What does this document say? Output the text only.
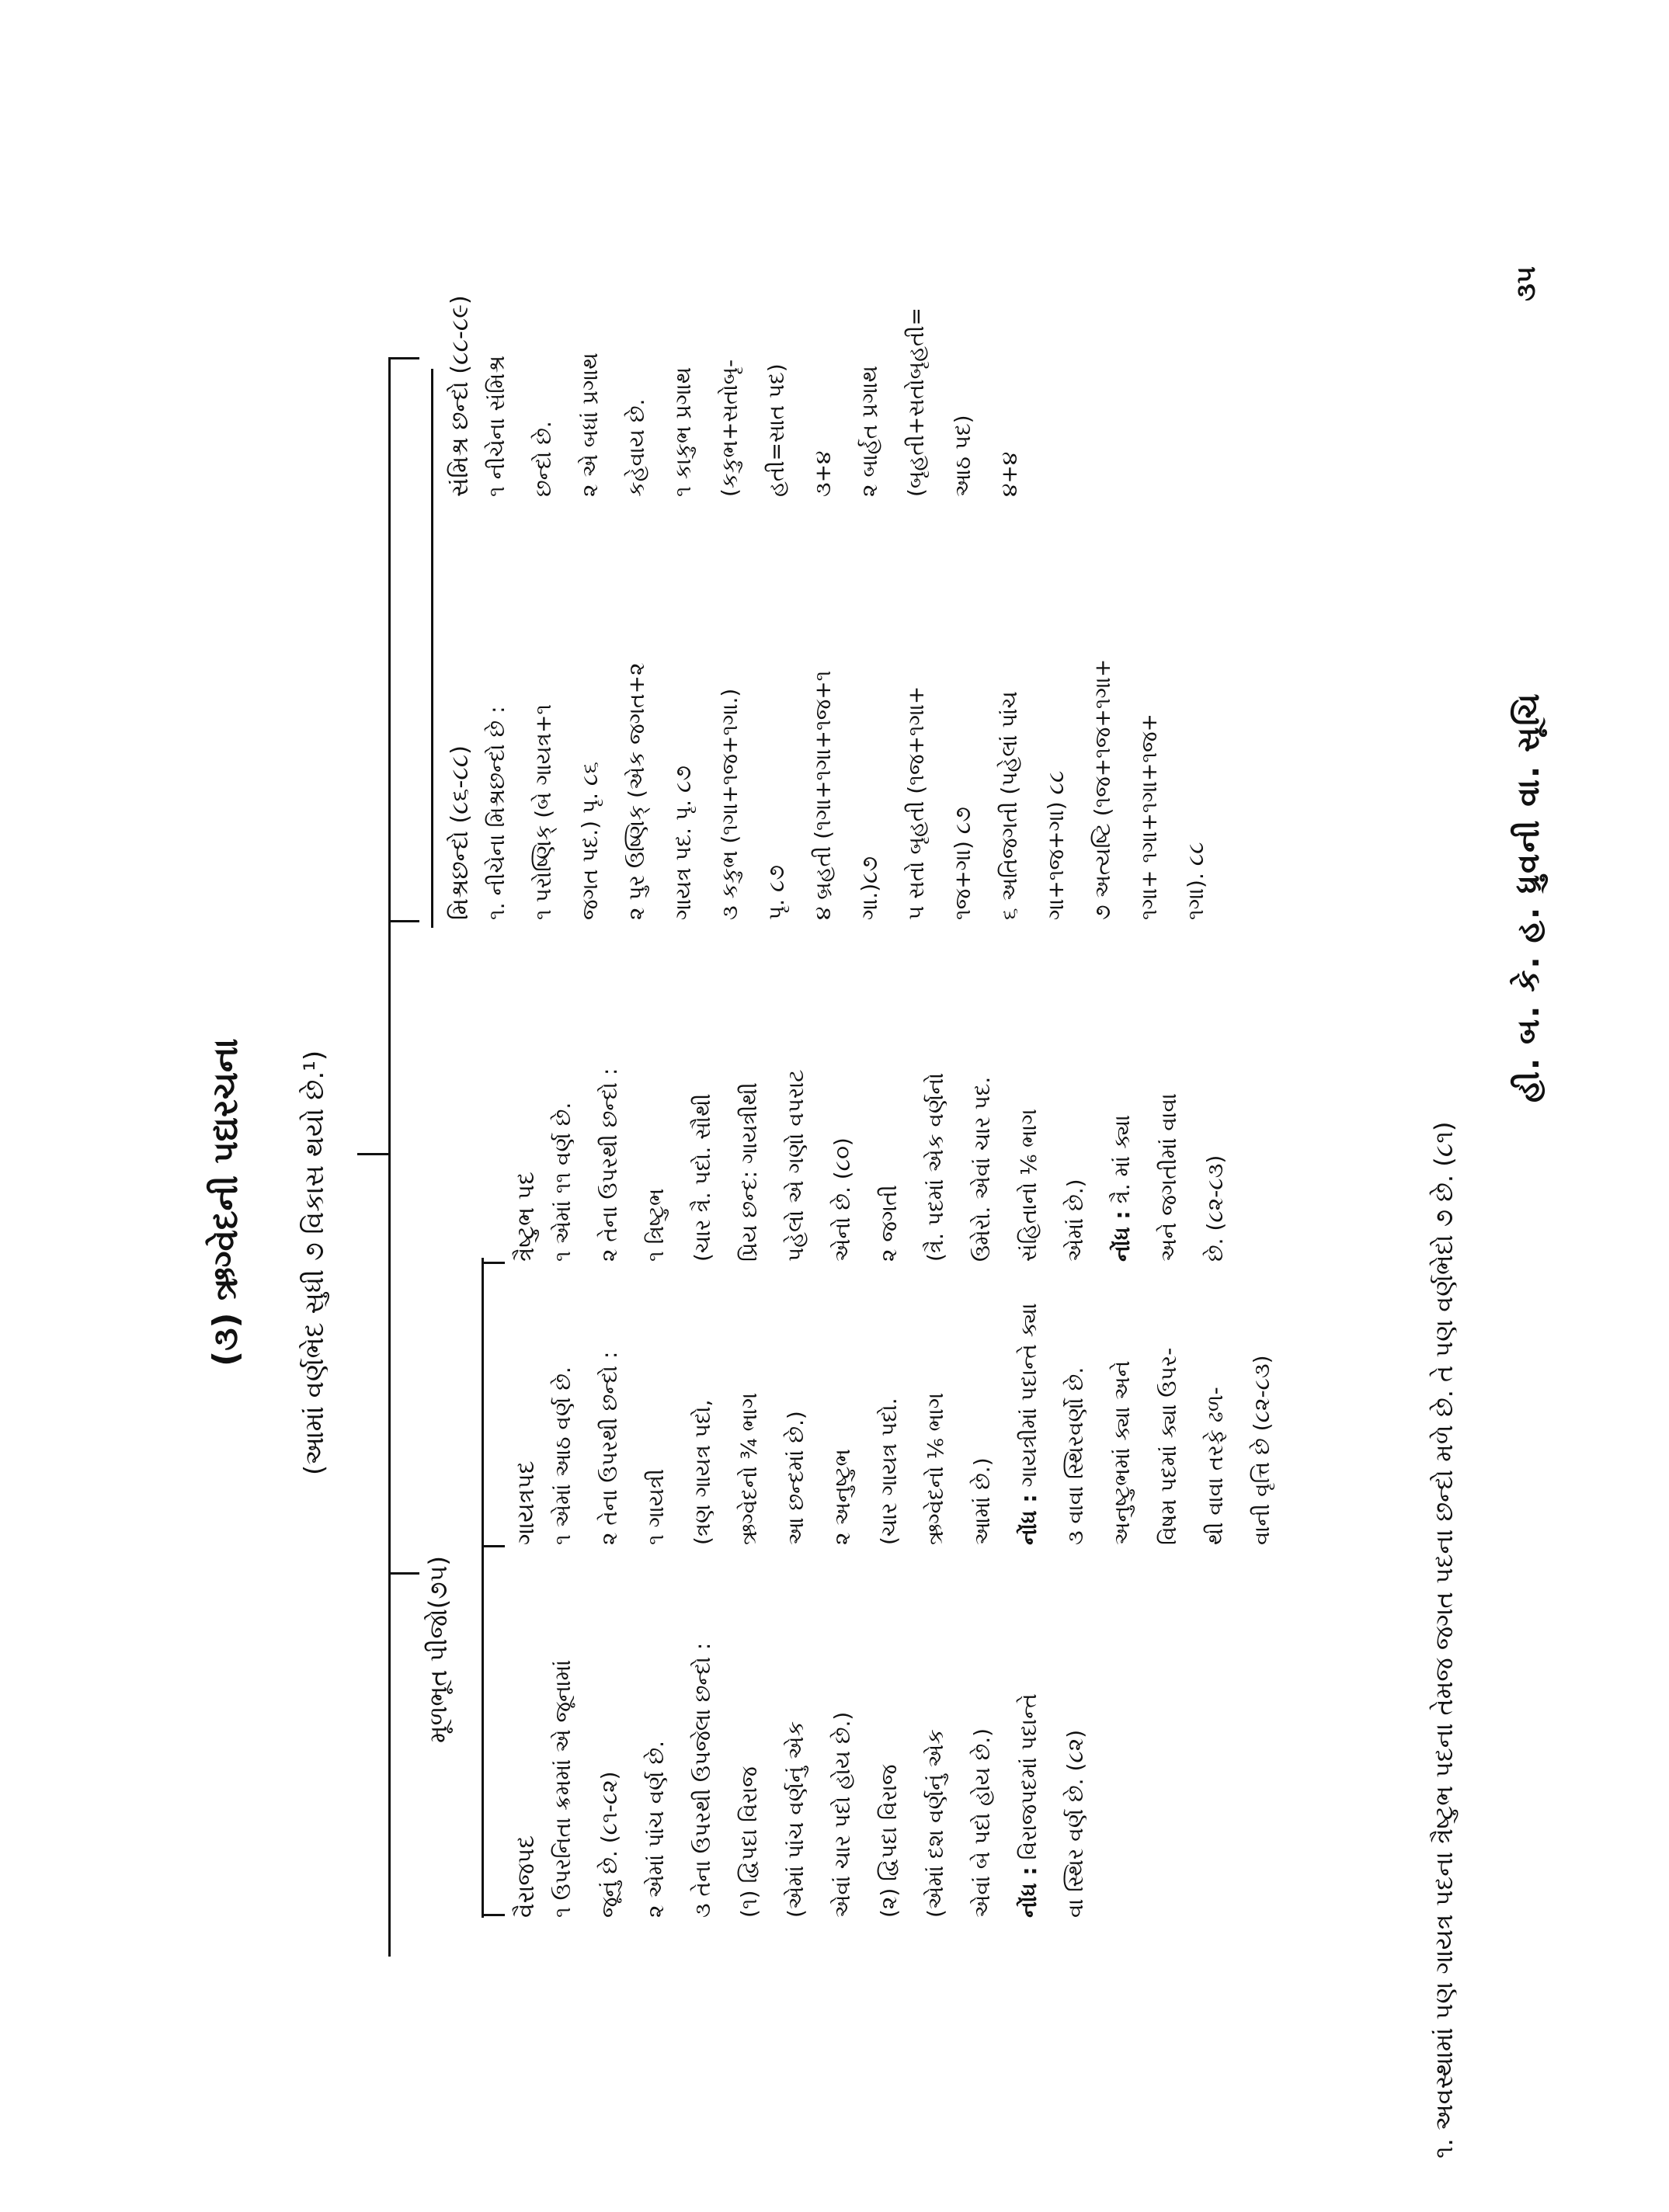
૩૫
હી. બ. કે. હ. ધ્રુવની વા. સૂચિ
(૩) ઋગ્વેદની પદ્યરચના (આમાં વર્ણભેદ સુધી ૭ વિકાસ થયો છે.¹)
મૂળભૂત પીજો(૭૫)
વૈરાજપદ ૧ ઉપરનિતા ક્રમમાં એ જૂનામાં જૂનું છે. (૮૧-૮૨) ૨ એમાં પાંચ વર્ણ છે. ૩ તેના ઉપરથી ઉપજેલા છન્દો : (૧) દ્વિપદા વિરાજ (એમાં પાંચ વર્ણનું એક એવાં ચાર પદો હોય છે.) (૨) દ્વિપદા વિરાજ (એમાં દશ વર્ણનું એક એવાં બે પદો હોય છે.) નોંધ : વિરાજપદમાં પદાન્તે વા સ્થિર વર્ણ છે. (૮૨)
ગાયત્રપદ ૧ એમાં આઠ વર્ણ છે. ૨ તેના ઉપરથી છન્દો : ૧ ગાયત્રી (ત્રણ ગાયત્ર પદો, ઋગ્વેદનો ¾ ભાગ આ છન્દમાં છે.) ૨ અનુષ્ટુભ (ચાર ગાયત્ર પદો. ઋગ્વેદનો ⅙ ભાગ આમાં છે.) નોંધ : ગાયત્રીમાં પદાન્તે ક્યા ૩ વાવા સ્થિરવર્ણો છે. અનુષ્ટુભમાં ક્યા અને વિષમ પદમાં ક્યા ઉપર- થી વાવા તરફે ઢળ- વાની વૃત્તિ છે (૮૨-૮૩)
ત્રૈષ્ટુભ પદ ૧ એમાં ૧૧ વર્ણ છે. ૨ તેના ઉપરથી છન્દો : ૧ ત્રિષ્ટુભ (ચાર ત્રૈ. પદો. સૌથી પ્રિય છન્દ: ગાયત્રીથી પહેલો એ ગણો વપરાટ એનો છે. (૮૦) ૨ જગતી (ત્રૈ. પદમાં એક વર્ણનો ઉમેરો. એવાં ચાર પદ. સંહિતાનો ⅙ ભાગ એમાં છે.) નોંધ : ત્રૈ. માં ક્યા અને જગતીમાં વાવા છે. (૮૨-૮૩)
મિશ્રછન્દો (૮૬-૮૮) ૧. નીચેના મિશ્રછન્દો છે : ૧ પરોષ્ણિક્ (બે ગાયત્ર+૧ જગત પદ.) પૃ. ૮૬ ૨ પુર ઉષ્ણિક્ (એક જગત+૨ ગાયત્ર પદ. પૃ. ૮૭ ૩ કકુભ (૧ગા+૧જ+૧ગા.) પૃ. ૮૭ ૪ બ્રહતી (૧ગા+૧ગા+૧જ+૧ ગા.)૮૭ ૫ સતો બૃહતી (૧જ+૧ગા+ ૧જ+ગા) ૮૭ ૬ અતિજગતી (પહેલાં પાંચ ગા+૧જ+ગા) ૮૮ ૭ અત્યષ્ટિ (૧જ+૧જ+૧ગા+ ૧ગા+ ૧ગા+૧ગા+૧જ+ ૧ગા). ૮૮
સંમિશ્ર છન્દો (૮૮-૮૯) ૧ નીચેના સંમિશ્ર છન્દો છે. ૨ એ બધાં પ્રગાથ કહેવાય છે. ૧ કાકુભ પ્રગાથ (કકુભ+સતોબૃ- હતી=સાત પદ) ૩+૪ ૨ બાર્હત પ્રગાથ (બૃહતી+સતોબૃહતી= આઠ પદ) ૪+૪
૧. અવસ્થામાં પણ ગાયત્ર પદના ત્રૈષ્ટુભ પદના તેમજ જગત પદના છન્દો મળે છે. તે પણ વર્ણભેદો ૭ છે. (૮૧)
